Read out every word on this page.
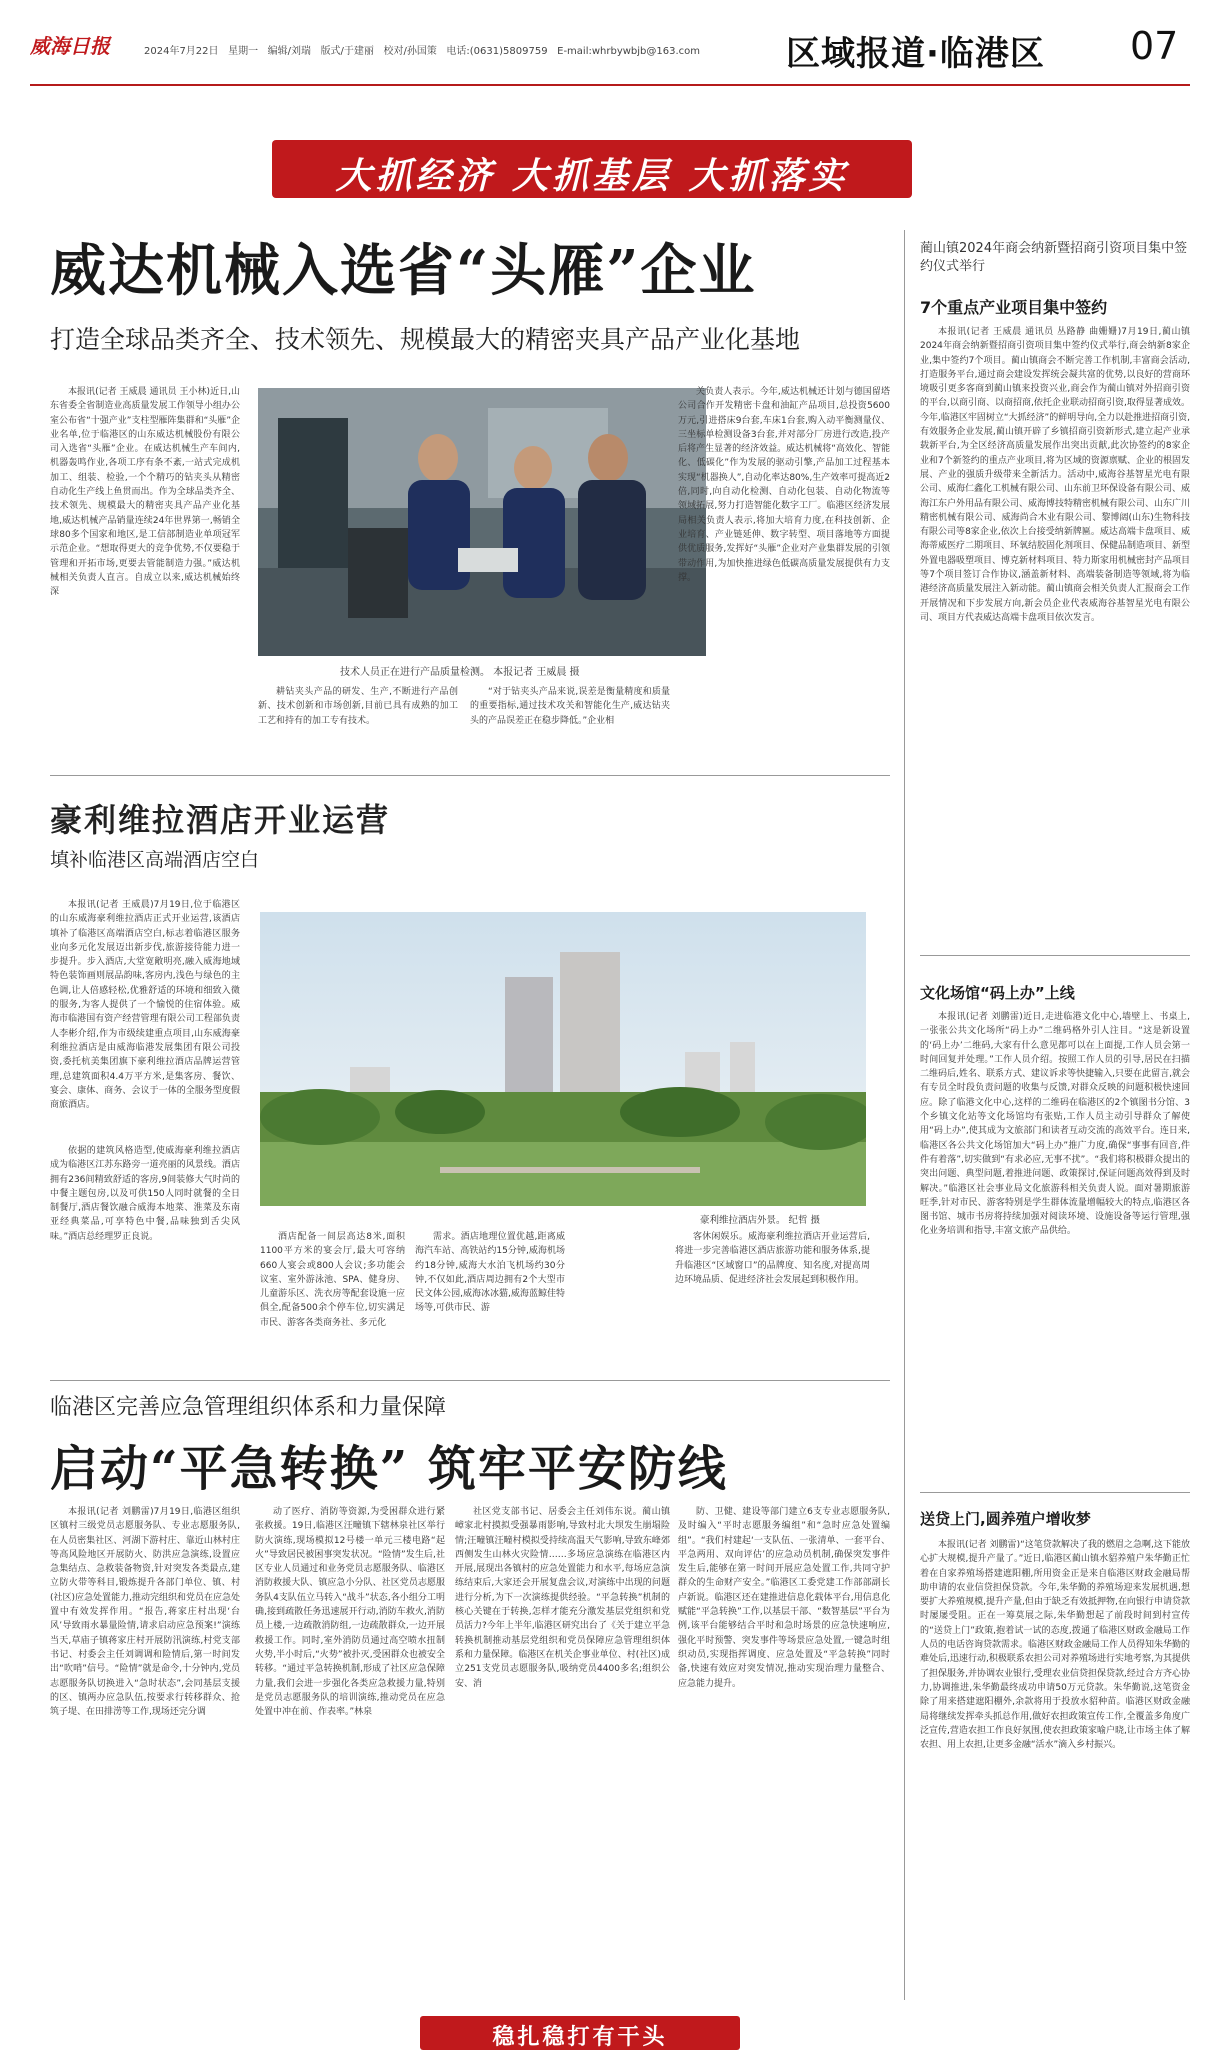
威海日报	2024年7月22日 星期一 编辑/刘瑞 版式/于建丽 校对/孙国策 电话:(0631)5809759 E-mail:whrbywbjb@163.com	区域报道·临港区 07
大抓经济 大抓基层 大抓落实
威达机械入选省“头雁”企业
打造全球品类齐全、技术领先、规模最大的精密夹具产品产业化基地
本报讯(记者 王威晨 通讯员 王小林)近日,山东省委全省制造业高质量发展工作领导小组办公室公布省“十强产业”支柱型雁阵集群和“头雁”企业名单,位于临港区的山东威达机械股份有限公司入选省“头雁”企业。在威达机械生产车间内,机器轰鸣作业,各项工序有条不紊,一站式完成机加工、组装、检验,一个个精巧的钻夹头从精密自动化生产线上鱼贯而出。作为全球品类齐全、技术领先、规模最大的精密夹具产品产业化基地,威达机械产品销量连续24年世界第一,畅销全球80多个国家和地区,是工信部制造业单项冠军示范企业。“想取得更大的竞争优势,不仅要稳于管理和开拓市场,更要去管能制造力强。”威达机械相关负责人直言。自成立以来,威达机械始终深
技术人员正在进行产品质量检测。 本报记者 王威晨 摄
耕钻夹头产品的研发、生产,不断进行产品创新、技术创新和市场创新,目前已具有成熟的加工工艺和持有的加工专有技术。
“对于钻夹头产品来说,误差是衡量精度和质量的重要指标,通过技术攻关和智能化生产,威达钻夹头的产品误差正在稳步降低。”企业相
关负责人表示。今年,威达机械还计划与德国留塔公司合作开发精密卡盘和油缸产品项目,总投资5600万元,引进搭床9台套,车床1台套,购入动平衡测量仪、三坐标单检测设备3台套,并对部分厂房进行改造,投产后将产生显著的经济效益。威达机械将“高效化、智能化、低碳化”作为发展的驱动引擎,产品加工过程基本实现“机器换人”,自动化率达80%,生产效率可提高近2倍,同时,向自动化检测、自动化包装、自动化物流等领域拓展,努力打造智能化数字工厂。临港区经济发展局相关负责人表示,将加大培育力度,在科技创新、企业培育、产业链延伸、数字转型、项目落地等方面提供优质服务,发挥好“头雁”企业对产业集群发展的引领带动作用,为加快推进绿色低碳高质量发展提供有力支撑。
豪利维拉酒店开业运营
填补临港区高端酒店空白
本报讯(记者 王威晨)7月19日,位于临港区的山东威海豪利维拉酒店正式开业运营,该酒店填补了临港区高端酒店空白,标志着临港区服务业向多元化发展迈出新步伐,旅游接待能力进一步提升。步入酒店,大堂宽敞明亮,融入威海地域特色装饰画则展品韵味,客房内,浅色与绿色的主色调,让人倍感轻松,优雅舒适的环境和细致入微的服务,为客人提供了一个愉悦的住宿体验。威海市临港国有资产经营管理有限公司工程部负责人李彬介绍,作为市级续建重点项目,山东威海豪利维拉酒店是由威海临港发展集团有限公司投资,委托杭美集团旗下豪利维拉酒店品牌运营管理,总建筑面积4.4万平方米,是集客房、餐饮、宴会、康体、商务、会议于一体的全服务型度假商旅酒店。
依据的建筑风格造型,使威海豪利维拉酒店成为临港区江苏东路旁一道亮丽的风景线。酒店拥有236间精致舒适的客房,9间装修大气时尚的中餐主题包房,以及可供150人同时就餐的全日制餐厅,酒店餐饮融合威海本地菜、淮菜及东南亚经典菜品,可享特色中餐,品味独到舌尖风味。”酒店总经理罗正良说。
豪利维拉酒店外景。 纪哲 摄
酒店配备一间层高达8米,面积1100平方米的宴会厅,最大可容纳660人宴会或800人会议;多功能会议室、室外游泳池、SPA、健身房、儿童游乐区、洗衣房等配套设施一应俱全,配备500余个停车位,切实满足市民、游客各类商务社、多元化
需求。酒店地理位置优越,距离威海汽车站、高铁站约15分钟,威海机场约18分钟,威海大水泊飞机场约30分钟,不仅如此,酒店周边拥有2个大型市民文体公园,威海冰冰猫,威海蓝鲸佳特场等,可供市民、游
客休闲娱乐。威海豪利维拉酒店开业运营后,将进一步完善临港区酒店旅游功能和服务体系,提升临港区“区域窗口”的品牌度、知名度,对提高周边环境品质、促进经济社会发展起到积极作用。
临港区完善应急管理组织体系和力量保障
启动“平急转换” 筑牢平安防线
本报讯(记者 刘鹏雷)7月19日,临港区组织区镇村三级党员志愿服务队、专业志愿服务队,在人员密集社区、河湖下游村庄、靠近山林村庄等高风险地区开展防火、防洪应急演练,设置应急集结点、急救装备物资,针对突发各类最点,建立防火带等科目,锻炼提升各部门单位、镇、村(社区)应急处置能力,推动完组织和党员在应急处置中有效发挥作用。“报告,蒋家庄村出现‘台风’导致雨水暴量险情,请求启动应急预案!”演练当天,草庙子镇蒋家庄村开展防汛演练,村党支部书记、村委会主任刘调调和险情后,第一时间发出“吹哨”信号。“险情”就是命令,十分钟内,党员志愿服务队切换进入“急时状态”,会同基层支援的区、镇两办应急队伍,按要求行转移群众、抢筑子堤、在田排涝等工作,现场还完分调
动了医疗、消防等资源,为受困群众进行紧张救援。19日,临港区汪疃镇下辖林泉社区举行防火演练,现场模拟12号楼一单元三楼电路“起火”导致居民被困事突发状况。“险情”发生后,社区专业人员通过和业务党员志愿服务队、临港区消防救援大队、镇应急小分队、社区党员志愿服务队4支队伍立马转入“战斗”状态,各小组分工明确,接到疏散任务迅速展开行动,消防车救火,消防员上楼,一边疏散消防组,一边疏散群众,一边开展救援工作。同时,室外消防员通过高空喷水扭制火势,半小时后,“火势”被扑灭,受困群众也被安全转移。“通过平急转换机制,形成了社区应急保障力量,我们会进一步强化各类应急救援力量,特别是党员志愿服务队的培训演练,推动党员在应急处置中冲在前、作表率。”林泉
社区党支部书记、居委会主任刘伟东说。蔺山镇嶂家北村摸拟受强暴雨影响,导致村北大坝发生崩塌险情;汪疃镇汪疃村模拟受持续高温天气影响,导致东峰郊西侧发生山林火灾险情……多场应急演练在临港区内开展,展现出各镇村的应急处置能力和水平,每场应急演练结束后,大家还会开展复盘会议,对演练中出现的问题进行分析,为下一次演练提供经验。“平急转换”机制的核心关键在于转换,怎样才能充分激发基层党组织和党员活力?今年上半年,临港区研究出台了《关于建立平急转换机制推动基层党组织和党员保障应急管理组织体系和力量保障。临港区在机关企事业单位、村(社区)成立251支党员志愿服务队,吸纳党员4400多名;组织公安、消
防、卫健、建设等部门建立6支专业志愿服务队,及时编入“平时志愿服务编组”和“急时应急处置编组”。“我们村建起‘一支队伍、一张清单、一套平台、平急两用、双向评估’的应急动员机制,确保突发事件发生后,能够在第一时间开展应急处置工作,共同守护群众的生命财产安全。”临港区工委党建工作部部副长卢新说。临港区还在建推进信息化载体平台,用信息化赋能“平急转换”工作,以基层干部、“数智基层”平台为例,该平台能够结合平时和急时场景的应急快速响应,强化平时预警、突发事件等场景应急处置,一键急时组织动员,实现指挥调度、应急处置及“平急转换”同时备,快速有效应对突发情况,推动实现治理力量整合、应急能力提升。
蔺山镇2024年商会纳新暨招商引资项目集中签约仪式举行
7个重点产业项目集中签约
本报讯(记者 王威晨 通讯员 丛路静 曲姗姗)7月19日,蔺山镇2024年商会纳新暨招商引资项目集中签约仪式举行,商会纳新8家企业,集中签约7个项目。蔺山镇商会不断完善工作机制,丰富商会活动,打造服务平台,通过商会建设发挥统会凝共富的优势,以良好的营商环境吸引更多客商到蔺山镇来投资兴业,商会作为蔺山镇对外招商引资的平台,以商引商、以商招商,依托企业联动招商引资,取得显著成效。今年,临港区牢固树立“大抓经济”的鲜明导向,全力以赴推进招商引资,有效服务企业发展,蔺山镇开辟了乡镇招商引资新形式,建立起产业承载新平台,为全区经济高质量发展作出突出贡献,此次协签约的8家企业和7个新签约的重点产业项目,将为区域的资源禀赋、企业的根固发展、产业的强质升级带来全新活力。活动中,威海谷基智星光电有限公司、威海仁鑫化工机械有限公司、山东前卫环保设备有限公司、威海江东户外用品有限公司、威海博技特精密机械有限公司、山东广川精密机械有限公司、威海尚合木业有限公司、黎博阔(山东)生物科技有限公司等8家企业,依次上台接受纳新牌匾。威达高端卡盘项目、威海蒂威医疗二期项目、环氧结胶固化剂项目、保健品制造项目、新型外置电器吸塑项目、博克新材料项目、特力斯家用机械密封产品项目等7个项目签订合作协议,涵盖新材料、高端装备制造等领域,将为临港经济高质量发展注入新动能。蔺山镇商会相关负责人汇报商会工作开展情况和下步发展方向,新会员企业代表威海谷基智星光电有限公司、项目方代表威达高端卡盘项目依次发言。
文化场馆“码上办”上线
本报讯(记者 刘鹏雷)近日,走进临港文化中心,墙壁上、书桌上,一张张公共文化场所“码上办”二维码格外引人注目。“这是新设置的‘码上办’二维码,大家有什么意见都可以在上面提,工作人员会第一时间回复并处理。”工作人员介绍。按照工作人员的引导,居民在扫描二维码后,姓名、联系方式、建议诉求等快捷输入,只要在此留言,就会有专员全时段负责问题的收集与反馈,对群众反映的问题积极快速回应。除了临港文化中心,这样的二维码在临港区的2个镇图书分馆、3个乡镇文化站等文化场馆均有张贴,工作人员主动引导群众了解使用“码上办”,使其成为文旅部门和读者互动交流的高效平台。连日来,临港区各公共文化场馆加大“码上办”推广力度,确保“事事有回音,件件有着落”,切实做到“有求必应,无事不扰”。“我们将积极群众提出的突出问题、典型问题,着推进问题、政策探讨,保证问题高效得到及时解决。”临港区社会事业局文化旅游科相关负责人说。面对暑期旅游旺季,针对市民、游客特别是学生群体流量增幅较大的特点,临港区各图书馆、城市书房将持续加强对阅读环境、设施设备等运行管理,强化业务培训和指导,丰富文旅产品供给。
送贷上门,圆养殖户增收梦
本报讯(记者 刘鹏雷)“这笔贷款解决了我的燃眉之急啊,这下能放心扩大规模,提升产量了。”近日,临港区蔺山镇水貂养殖户朱华勤正忙着在自家养殖场搭建遮阳棚,所用资金正是来自临港区财政金融局帮助申请的农业信贷担保贷款。今年,朱华勤的养殖场迎来发展机遇,想要扩大养殖规模,提升产量,但由于缺乏有效抵押物,在向银行申请贷款时屡屡受阻。正在一筹莫展之际,朱华勤想起了前段时间到村宣传的“送贷上门”政策,抱着试一试的态度,拨通了临港区财政金融局工作人员的电话咨询贷款需求。临港区财政金融局工作人员得知朱华勤的难处后,迅速行动,积极联系农担公司对养殖场进行实地考察,为其提供了担保服务,并协调农业银行,受理农业信贷担保贷款,经过合方齐心协力,协调推进,朱华勤最终成功申请50万元贷款。朱华勤说,这笔资金除了用来搭建遮阳棚外,余款将用于投放水貂种苗。临港区财政金融局将继续发挥牵头抓总作用,做好农担政策宣传工作,全覆盖多角度广泛宣传,营造农担工作良好氛围,使农担政策家喻户晓,让市场主体了解农担、用上农担,让更多金融“活水”滴入乡村振兴。
稳扎稳打有干头
